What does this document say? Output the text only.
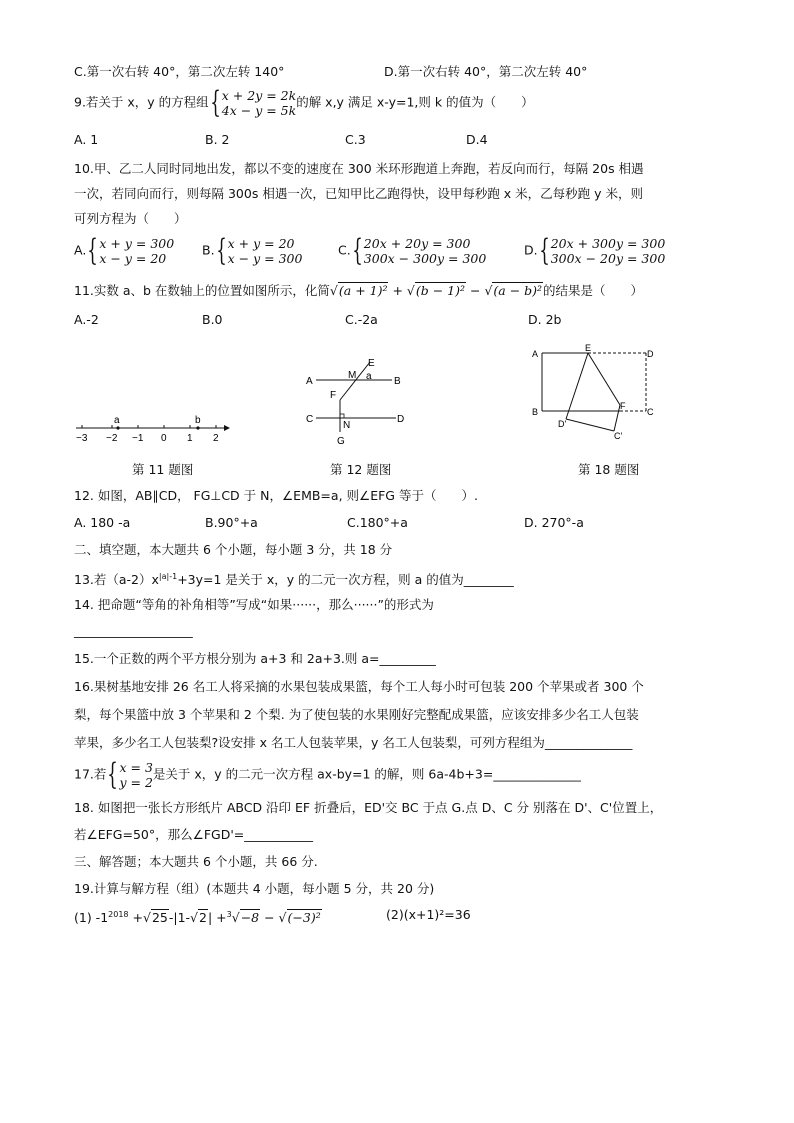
C.第一次右转 40°，第二次左转 140°	D.第一次右转 40°，第二次左转 40°
9.若关于 x，y 的方程组 { x + 2y = 2k
4x − y = 5k
的解 x,y 满足 x-y=1,则 k 的值为（　　）
A. 1	B. 2	C.3	D.4
10.甲、乙二人同时同地出发，都以不变的速度在 300 米环形跑道上奔跑，若反向而行，每隔 20s 相遇
一次，若同向而行，则每隔 300s 相遇一次，已知甲比乙跑得快，设甲每秒跑 x 米，乙每秒跑 y 米，则
可列方程为（　　）
A. { x + y = 300
x − y = 20
B. { x + y = 20
x − y = 300
C. { 20x + 20y = 300
300x − 300y = 300
D. { 20x + 300y = 300
300x − 20y = 300
11.实数 a、b 在数轴上的位置如图所示，化简√(a + 1)² + √(b − 1)² − √(a − b)²的结果是（　　）
A.-2	B.0	C.-2a	D. 2b
a	b
−3 −2 −1 0 1 2
A	B
C	D
E
F
G
M
N
a
A
E
D
B
F
C
D'
C'
第 11 题图	第 12 题图	第 18 题图
12. 如图，AB∥CD， FG⊥CD 于 N，∠EMB=a, 则∠EFG 等于（　　）.
A. 180 -a	B.90°+a	C.180°+a	D. 270°-a
二、填空题，本大题共 6 个小题，每小题 3 分，共 18 分
13.若$(a-2)x^{|a|-1}+3y=1$ 是关于 x，y 的二元一次方程，则 a 的值为________
14. 把命题“等角的补角相等”写成“如果······，那么······”的形式为
___________________
15.一个正数的两个平方根分别为 a+3 和 2a+3.则 a=_________
16.果树基地安排 26 名工人将采摘的水果包装成果篮，每个工人每小时可包装 200 个苹果或者 300 个
梨，每个果篮中放 3 个苹果和 2 个梨. 为了使包装的水果刚好完整配成果篮，应该安排多少名工人包装
苹果，多少名工人包装梨?设安排 x 名工人包装苹果，y 名工人包装梨，可列方程组为______________
17.若 { x = 3
y = 2
是关于 x，y 的二元一次方程 ax-by=1 的解，则 6a-4b+3=______________
18. 如图把一张长方形纸片 ABCD 沿印 EF 折叠后，ED'交 BC 于点 G.点 D、C 分 别落在 D'、C'位置上，
若∠EFG=50°，那么∠FGD'=___________
三、解答题；本大题共 6 个小题，共 66 分.
19.计算与解方程（组）(本题共 4 小题，每小题 5 分，共 20 分)
(1) $-1^{2018} +√25-|1-√2| +^3√-8 - √(-3)^2$	(2)(x+1)²=36
